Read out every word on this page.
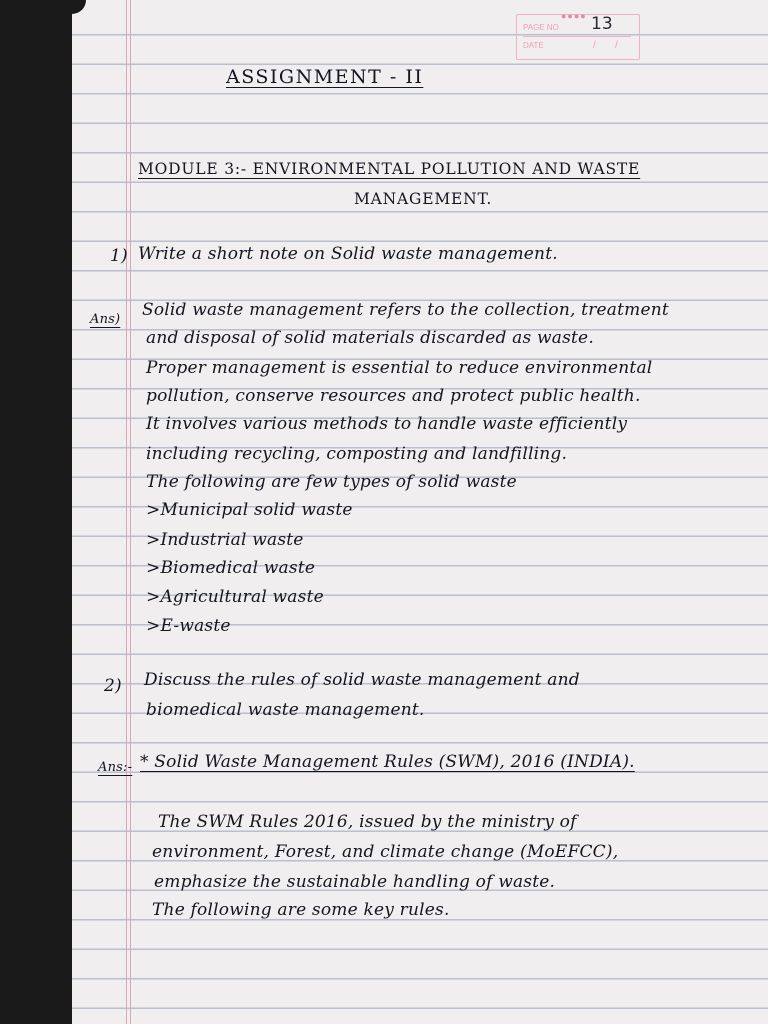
●●●●
PAGE NO 13
DATE	/ /
ASSIGNMENT - II
MODULE 3:- ENVIRONMENTAL POLLUTION AND WASTE
MANAGEMENT.
1) Write a short note on Solid waste management.
Ans) Solid waste management refers to the collection, treatment
and disposal of solid materials discarded as waste.
Proper management is essential to reduce environmental
pollution, conserve resources and protect public health.
It involves various methods to handle waste efficiently
including recycling, composting and landfilling.
The following are few types of solid waste
>Municipal solid waste
>Industrial waste
>Biomedical waste
>Agricultural waste
>E-waste
2) Discuss the rules of solid waste management and
biomedical waste management.
Ans:- * Solid Waste Management Rules (SWM), 2016 (INDIA).
The SWM Rules 2016, issued by the ministry of
environment, Forest, and climate change (MoEFCC),
emphasize the sustainable handling of waste.
The following are some key rules.
